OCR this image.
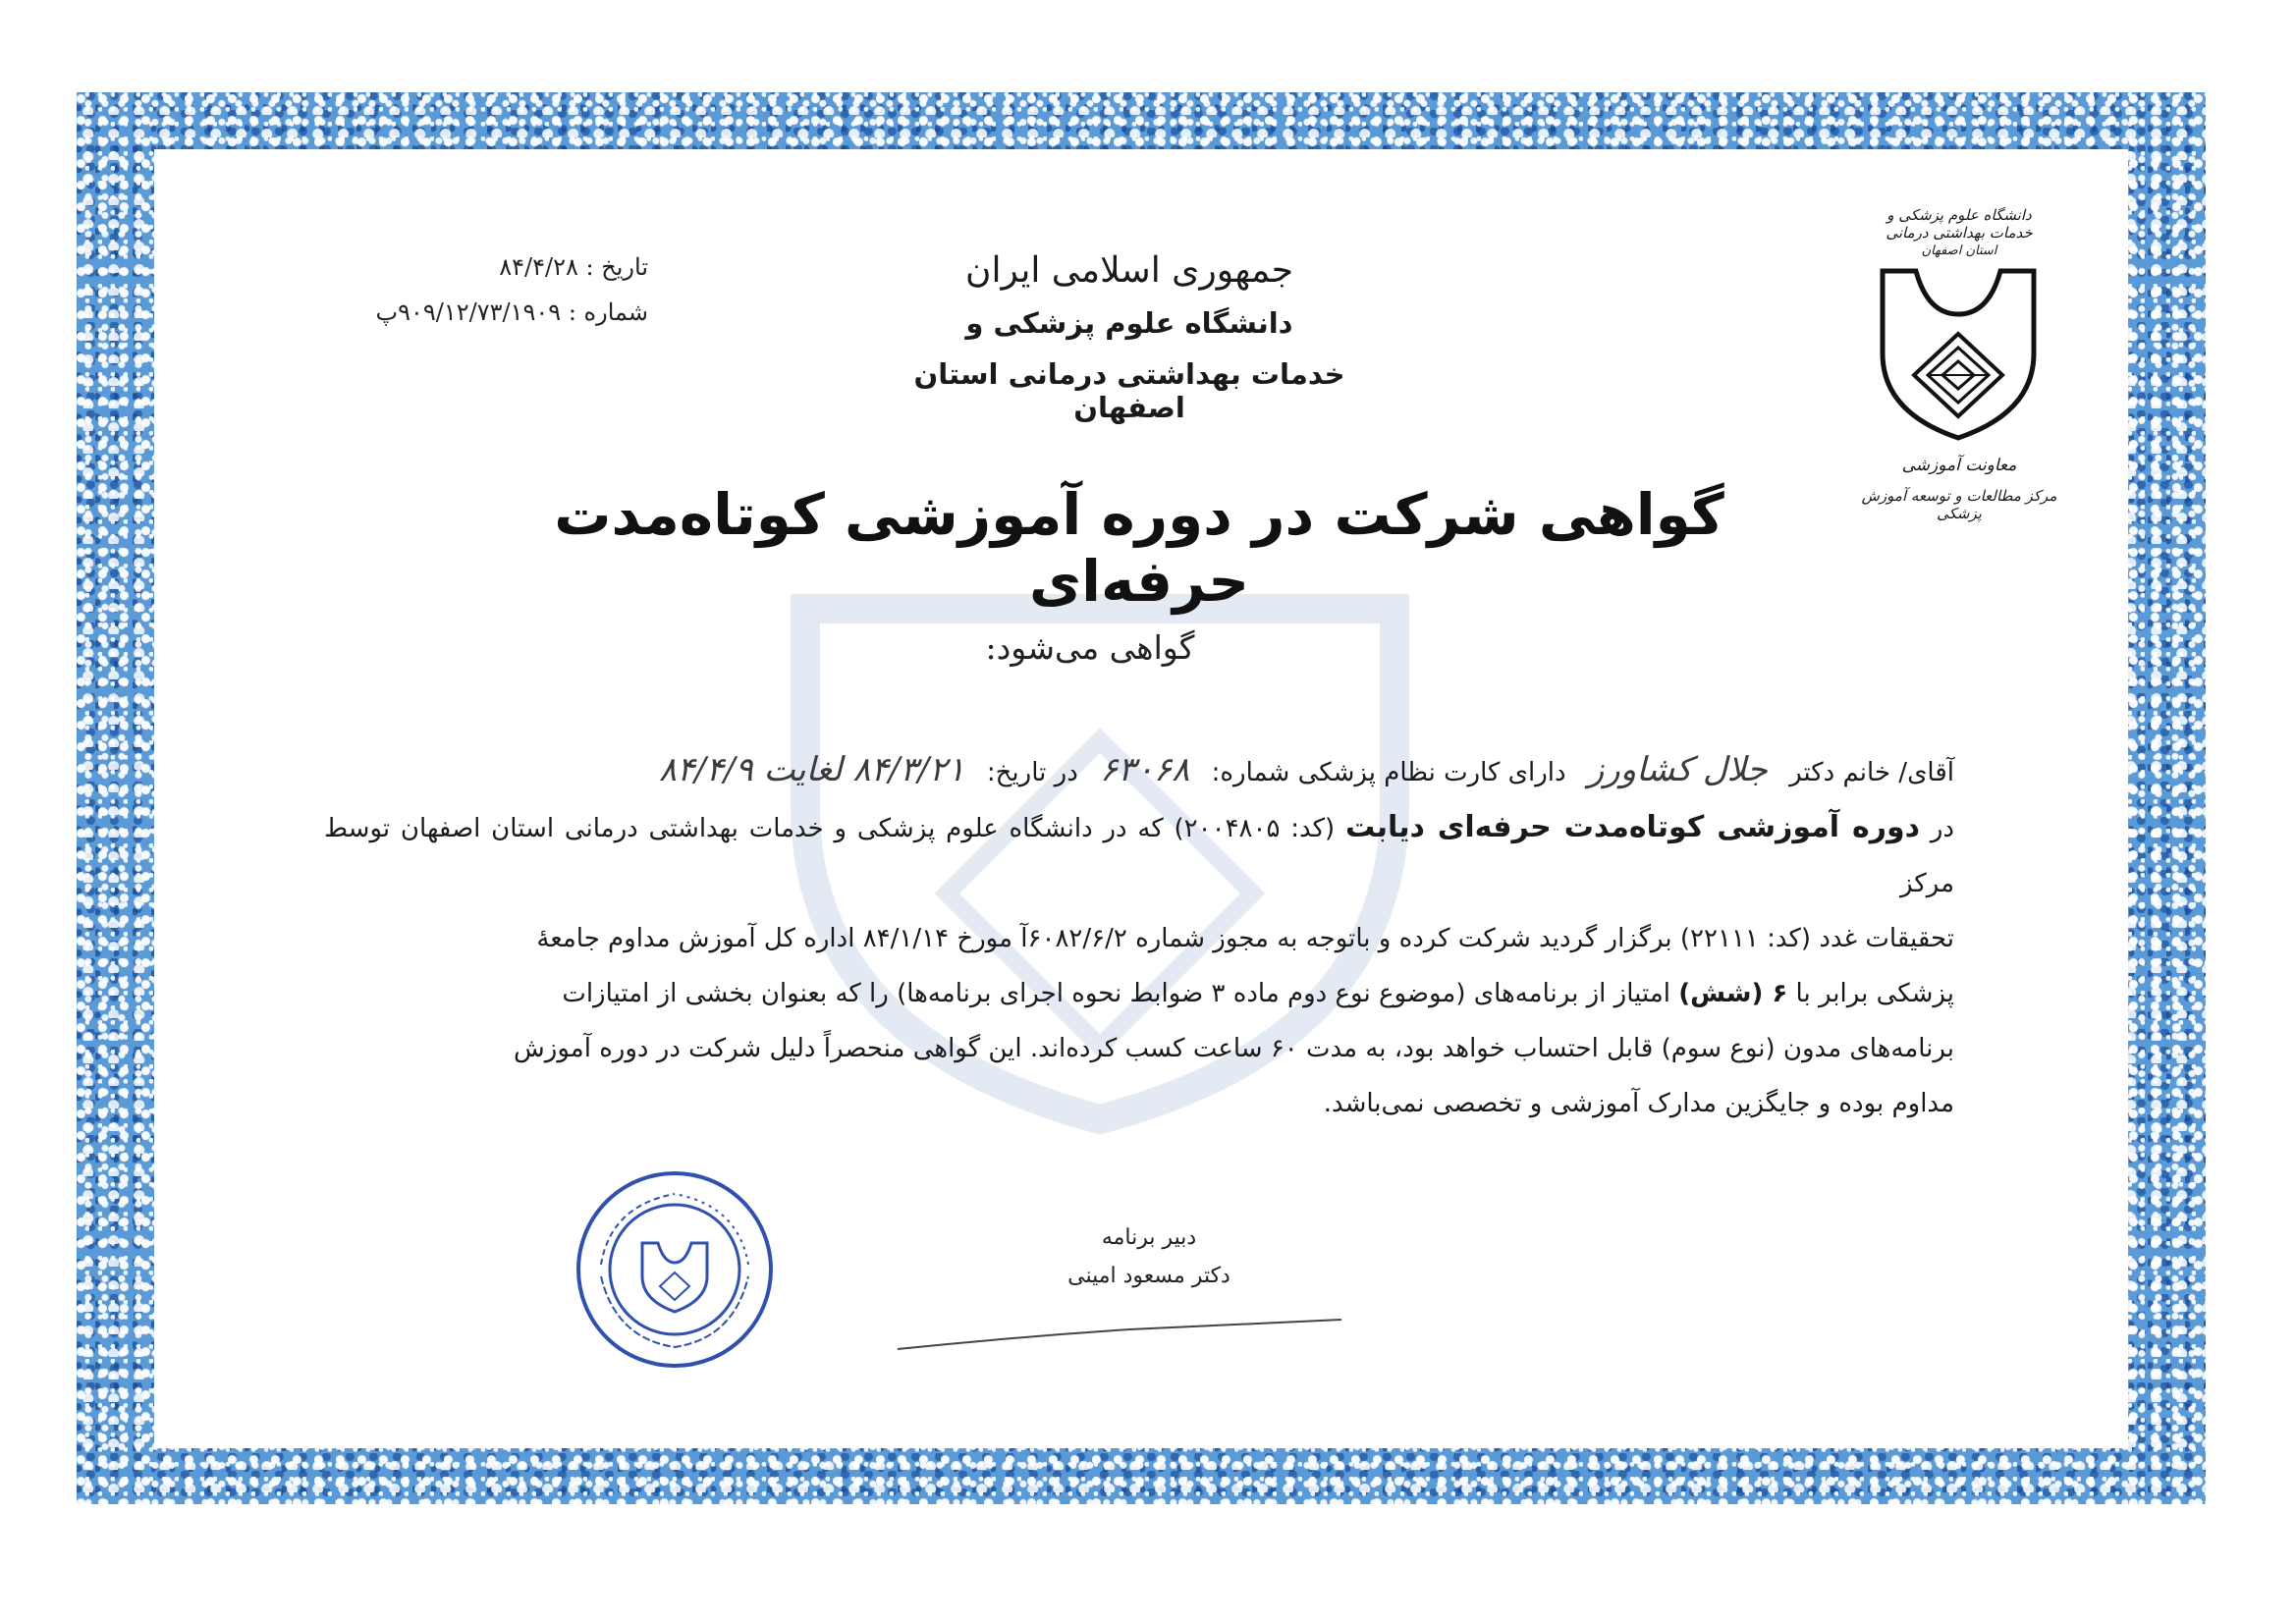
دانشگاه علوم پزشکی و خدمات بهداشتی درمانی
استان اصفهان
معاونت آموزشی
مرکز مطالعات و توسعه آموزش پزشکی
جمهوری اسلامی ایران
دانشگاه علوم پزشکی و
خدمات بهداشتی درمانی استان اصفهان
تاریخ : ۸۴/۴/۲۸
شماره : ۹۰۹/۱۲/۷۳/۱۹۰۹پ
گواهی شرکت در دوره آموزشی کوتاه‌مدت حرفه‌ای
گواهی می‌شود:

آقای/ خانم دکتر جلال کشاورز دارای کارت نظام پزشکی شماره: ۶۳۰۶۸ در تاریخ: ۸۴/۳/۲۱ لغایت ۸۴/۴/۹

در دوره آموزشی کوتاه‌مدت حرفه‌ای دیابت (کد: ۲۰۰۴۸۰۵) که در دانشگاه علوم پزشکی و خدمات بهداشتی درمانی استان اصفهان توسط مرکز

تحقیقات غدد (کد: ۲۲۱۱۱) برگزار گردید شرکت کرده و باتوجه به مجوز شماره ۶۰۸۲/۶/۲آ مورخ ۸۴/۱/۱۴ اداره کل آموزش مداوم جامعهٔ

پزشکی برابر با ۶ (شش) امتیاز از برنامه‌های (موضوع نوع دوم ماده ۳ ضوابط نحوه اجرای برنامه‌ها) را که بعنوان بخشی از امتیازات

برنامه‌های مدون (نوع سوم) قابل احتساب خواهد بود، به مدت ۶۰ ساعت کسب کرده‌اند. این گواهی منحصراً دلیل شرکت در دوره آموزش

مداوم بوده و جایگزین مدارک آموزشی و تخصصی نمی‌باشد.

دبیر برنامه
دکتر مسعود امینی
